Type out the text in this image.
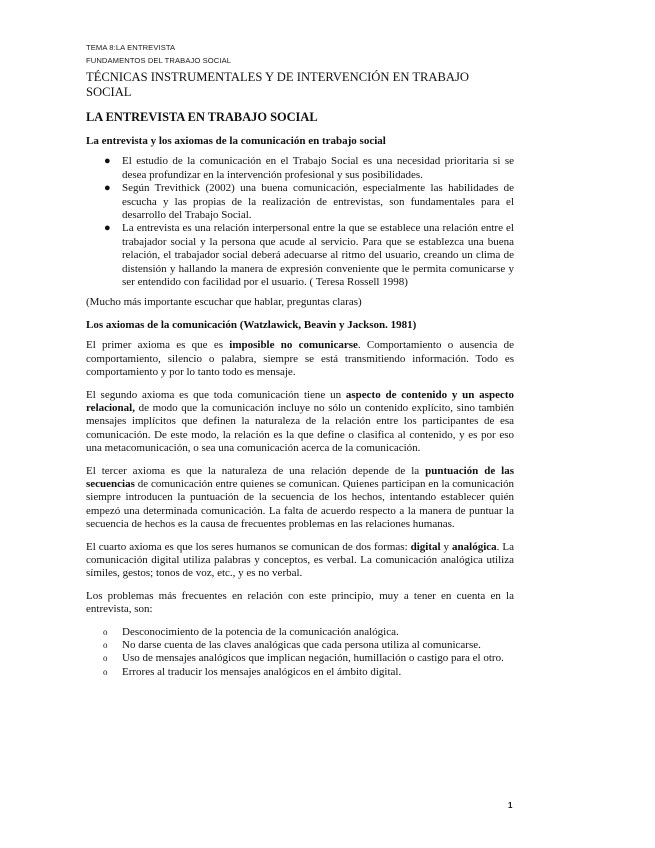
TEMA 8:LA ENTREVISTA
FUNDAMENTOS DEL TRABAJO SOCIAL
TÉCNICAS INSTRUMENTALES Y DE INTERVENCIÓN EN TRABAJO SOCIAL
LA ENTREVISTA EN TRABAJO SOCIAL
La entrevista y los axiomas de la comunicación en trabajo social
● El estudio de la comunicación en el Trabajo Social es una necesidad prioritaria si se desea profundizar en la intervención profesional y sus posibilidades.
● Según Trevithick (2002) una buena comunicación, especialmente las habilidades de escucha y las propias de la realización de entrevistas, son fundamentales para el desarrollo del Trabajo Social.
● La entrevista es una relación interpersonal entre la que se establece una relación entre el trabajador social y la persona que acude al servicio. Para que se establezca una buena relación, el trabajador social deberá adecuarse al ritmo del usuario, creando un clima de distensión y hallando la manera de expresión conveniente que le permita comunicarse y ser entendido con facilidad por el usuario. ( Teresa Rossell 1998)

(Mucho más importante escuchar que hablar, preguntas claras)

Los axiomas de la comunicación (Watzlawick, Beavin y Jackson. 1981)

El primer axioma es que es imposible no comunicarse. Comportamiento o ausencia de comportamiento, silencio o palabra, siempre se está transmitiendo información. Todo es comportamiento y por lo tanto todo es mensaje.

El segundo axioma es que toda comunicación tiene un aspecto de contenido y un aspecto relacional, de modo que la comunicación incluye no sólo un contenido explícito, sino también mensajes implícitos que definen la naturaleza de la relación entre los participantes de esa comunicación. De este modo, la relación es la que define o clasifica al contenido, y es por eso una metacomunicación, o sea una comunicación acerca de la comunicación.

El tercer axioma es que la naturaleza de una relación depende de la puntuación de las secuencias de comunicación entre quienes se comunican. Quienes participan en la comunicación siempre introducen la puntuación de la secuencia de los hechos, intentando establecer quién empezó una determinada comunicación. La falta de acuerdo respecto a la manera de puntuar la secuencia de hechos es la causa de frecuentes problemas en las relaciones humanas.

El cuarto axioma es que los seres humanos se comunican de dos formas: digital y analógica. La comunicación digital utiliza palabras y conceptos, es verbal. La comunicación analógica utiliza símiles, gestos; tonos de voz, etc., y es no verbal.

Los problemas más frecuentes en relación con este principio, muy a tener en cuenta en la entrevista, son:

o Desconocimiento de la potencia de la comunicación analógica.
o No darse cuenta de las claves analógicas que cada persona utiliza al comunicarse.
o Uso de mensajes analógicos que implican negación, humillación o castigo para el otro.
o Errores al traducir los mensajes analógicos en el ámbito digital.
1
